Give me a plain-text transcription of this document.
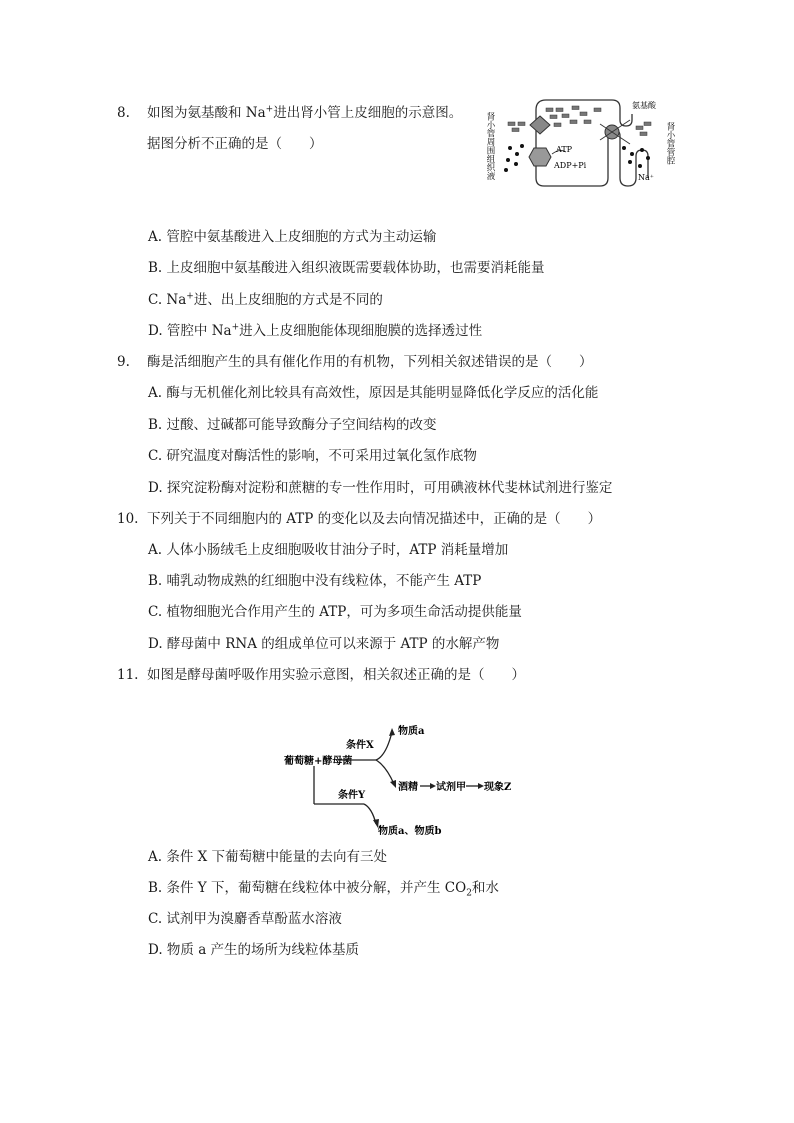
8. 如图为氨基酸和 Na+进出肾小管上皮细胞的示意图。
据图分析不正确的是（　　）	肾小管周围组织液	肾小管管腔
氨基酸
ATP
ADP+Pi
Na⁺
A. 管腔中氨基酸进入上皮细胞的方式为主动运输
B. 上皮细胞中氨基酸进入组织液既需要载体协助，也需要消耗能量
C. Na+进、出上皮细胞的方式是不同的
D. 管腔中 Na+进入上皮细胞能体现细胞膜的选择透过性
9. 酶是活细胞产生的具有催化作用的有机物，下列相关叙述错误的是（　　）
A. 酶与无机催化剂比较具有高效性，原因是其能明显降低化学反应的活化能
B. 过酸、过碱都可能导致酶分子空间结构的改变
C. 研究温度对酶活性的影响，不可采用过氧化氢作底物
D. 探究淀粉酶对淀粉和蔗糖的专一性作用时，可用碘液林代斐林试剂进行鉴定
10. 下列关于不同细胞内的 ATP 的变化以及去向情况描述中，正确的是（　　）
A. 人体小肠绒毛上皮细胞吸收甘油分子时，ATP 消耗量增加
B. 哺乳动物成熟的红细胞中没有线粒体，不能产生 ATP
C. 植物细胞光合作用产生的 ATP，可为多项生命活动提供能量
D. 酵母菌中 RNA 的组成单位可以来源于 ATP 的水解产物
11. 如图是酵母菌呼吸作用实验示意图，相关叙述正确的是（　　）
葡萄糖+酵母菌
条件X
条件Y
物质a
酒精 试剂甲 现象Z
物质a、物质b
A. 条件 X 下葡萄糖中能量的去向有三处
B. 条件 Y 下，葡萄糖在线粒体中被分解，并产生 $CO_2$和水
C. 试剂甲为溴麝香草酚蓝水溶液
D. 物质 a 产生的场所为线粒体基质
